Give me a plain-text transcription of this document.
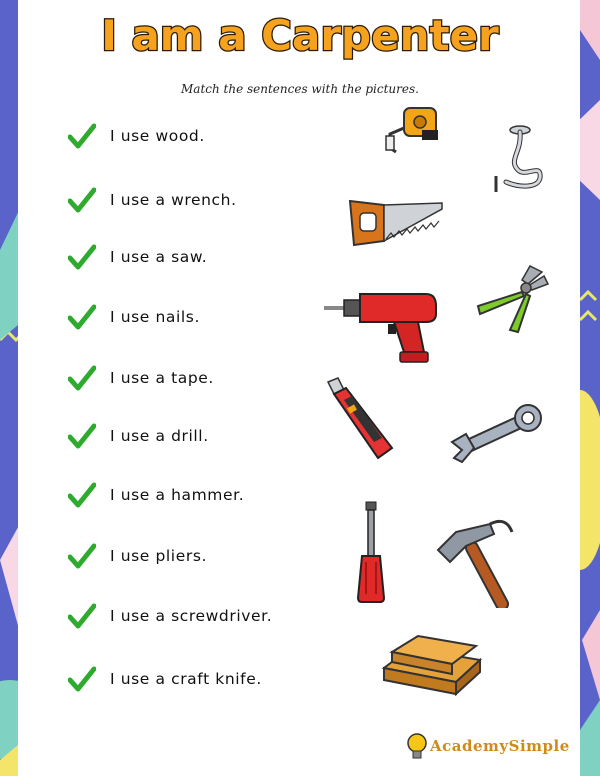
I am a Carpenter
Match the sentences with the pictures.
I use wood.
I use a wrench.
I use a saw.
I use nails.
I use a tape.
I use a drill.
I use a hammer.
I use pliers.
I use a screwdriver.
I use a craft knife.
AcademySimple
